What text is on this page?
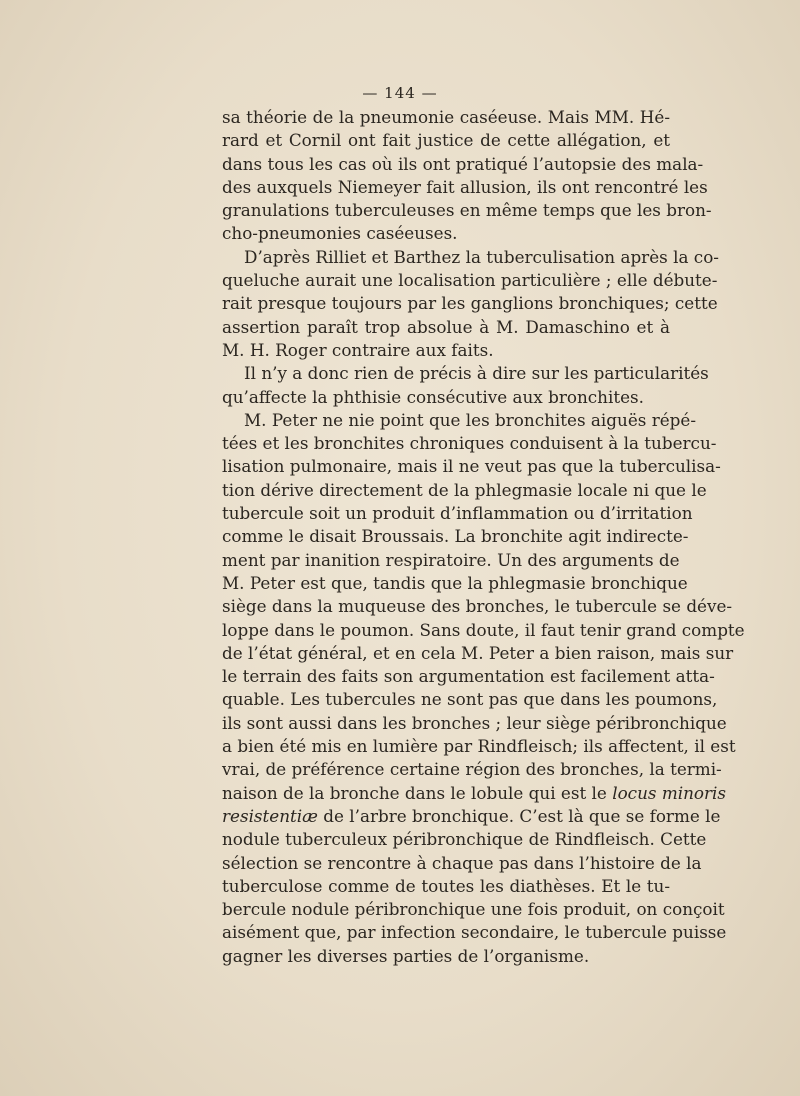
— 144 —
sa théorie de la pneumonie caséeuse. Mais MM. Hé-
rard et Cornil ont fait justice de cette allégation, et
dans tous les cas où ils ont pratiqué l’autopsie des mala-
des auxquels Niemeyer fait allusion, ils ont rencontré les
granulations tuberculeuses en même temps que les bron-
cho-pneumonies caséeuses.
D’après Rilliet et Barthez la tuberculisation après la co-
queluche aurait une localisation particulière ; elle débute-
rait presque toujours par les ganglions bronchiques; cette
assertion paraît trop absolue à M. Damaschino et à
M. H. Roger contraire aux faits.
Il n’y a donc rien de précis à dire sur les particularités
qu’affecte la phthisie consécutive aux bronchites.
M. Peter ne nie point que les bronchites aiguës répé-
tées et les bronchites chroniques conduisent à la tubercu-
lisation pulmonaire, mais il ne veut pas que la tuberculisa-
tion dérive directement de la phlegmasie locale ni que le
tubercule soit un produit d’inflammation ou d’irritation
comme le disait Broussais. La bronchite agit indirecte-
ment par inanition respiratoire. Un des arguments de
M. Peter est que, tandis que la phlegmasie bronchique
siège dans la muqueuse des bronches, le tubercule se déve-
loppe dans le poumon. Sans doute, il faut tenir grand compte
de l’état général, et en cela M. Peter a bien raison, mais sur
le terrain des faits son argumentation est facilement atta-
quable. Les tubercules ne sont pas que dans les poumons,
ils sont aussi dans les bronches ; leur siège péribronchique
a bien été mis en lumière par Rindfleisch; ils affectent, il est
vrai, de préférence certaine région des bronches, la termi-
naison de la bronche dans le lobule qui est le locus minoris
resistentiæ de l’arbre bronchique. C’est là que se forme le
nodule tuberculeux péribronchique de Rindfleisch. Cette
sélection se rencontre à chaque pas dans l’histoire de la
tuberculose comme de toutes les diathèses. Et le tu-
bercule nodule péribronchique une fois produit, on conçoit
aisément que, par infection secondaire, le tubercule puisse
gagner les diverses parties de l’organisme.
